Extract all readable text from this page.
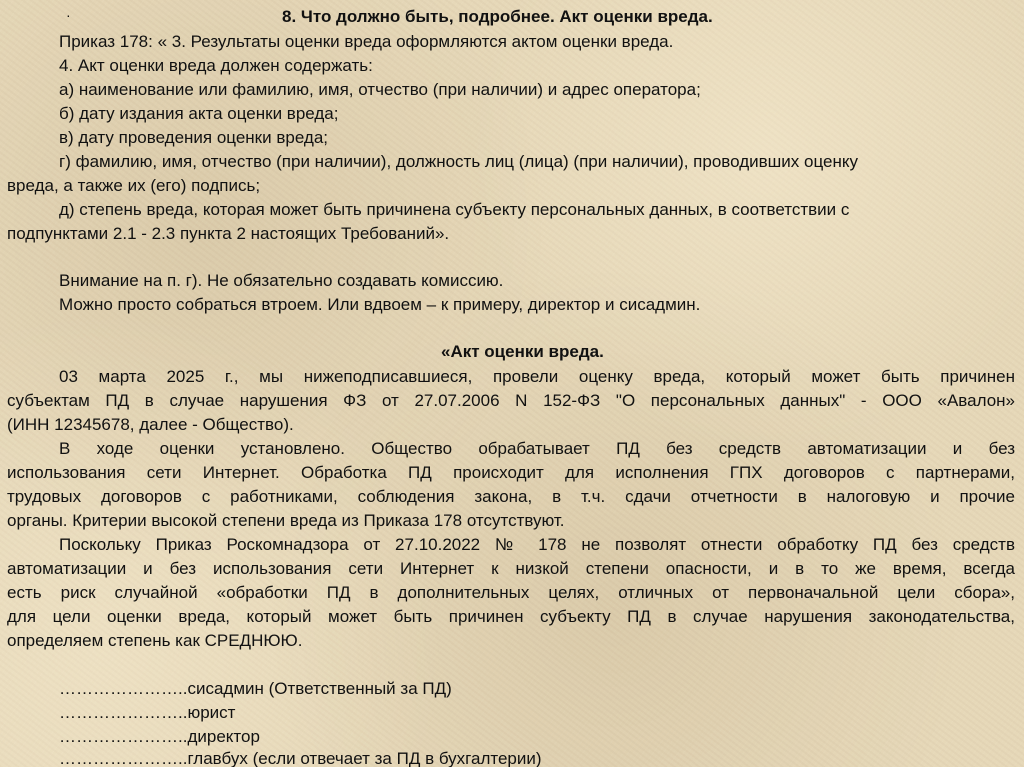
·	8. Что должно быть, подробнее. Акт оценки вреда.
Приказ 178: « 3. Результаты оценки вреда оформляются актом оценки вреда.
4. Акт оценки вреда должен содержать:
а) наименование или фамилию, имя, отчество (при наличии) и адрес оператора;
б) дату издания акта оценки вреда;
в) дату проведения оценки вреда;
г) фамилию, имя, отчество (при наличии), должность лиц (лица) (при наличии), проводивших оценку
вреда, а также их (его) подпись;
д) степень вреда, которая может быть причинена субъекту персональных данных, в соответствии с
подпунктами 2.1 - 2.3 пункта 2 настоящих Требований».
Внимание на п. г). Не обязательно создавать комиссию.
Можно просто собраться втроем. Или вдвоем – к примеру, директор и сисадмин.
«Акт оценки вреда.
03 марта 2025 г., мы нижеподписавшиеся, провели оценку вреда, который может быть причинен
субъектам ПД в случае нарушения ФЗ от 27.07.2006 N 152-ФЗ "О персональных данных" - ООО «Авалон»
(ИНН 12345678, далее - Общество).
В ходе оценки установлено. Общество обрабатывает ПД без средств автоматизации и без
использования сети Интернет. Обработка ПД происходит для исполнения ГПХ договоров с партнерами,
трудовых договоров с работниками, соблюдения закона, в т.ч. сдачи отчетности в налоговую и прочие
органы. Критерии высокой степени вреда из Приказа 178 отсутствуют.
Поскольку Приказ Роскомнадзора от 27.10.2022 № 178 не позволят отнести обработку ПД без средств
автоматизации и без использования сети Интернет к низкой степени опасности, и в то же время, всегда
есть риск случайной «обработки ПД в дополнительных целях, отличных от первоначальной цели сбора»,
для цели оценки вреда, который может быть причинен субъекту ПД в случае нарушения законодательства,
определяем степень как СРЕДНЮЮ.
…………………..сисадмин (Ответственный за ПД)
…………………..юрист
…………………..директор
…………………..главбух (если отвечает за ПД в бухгалтерии)
